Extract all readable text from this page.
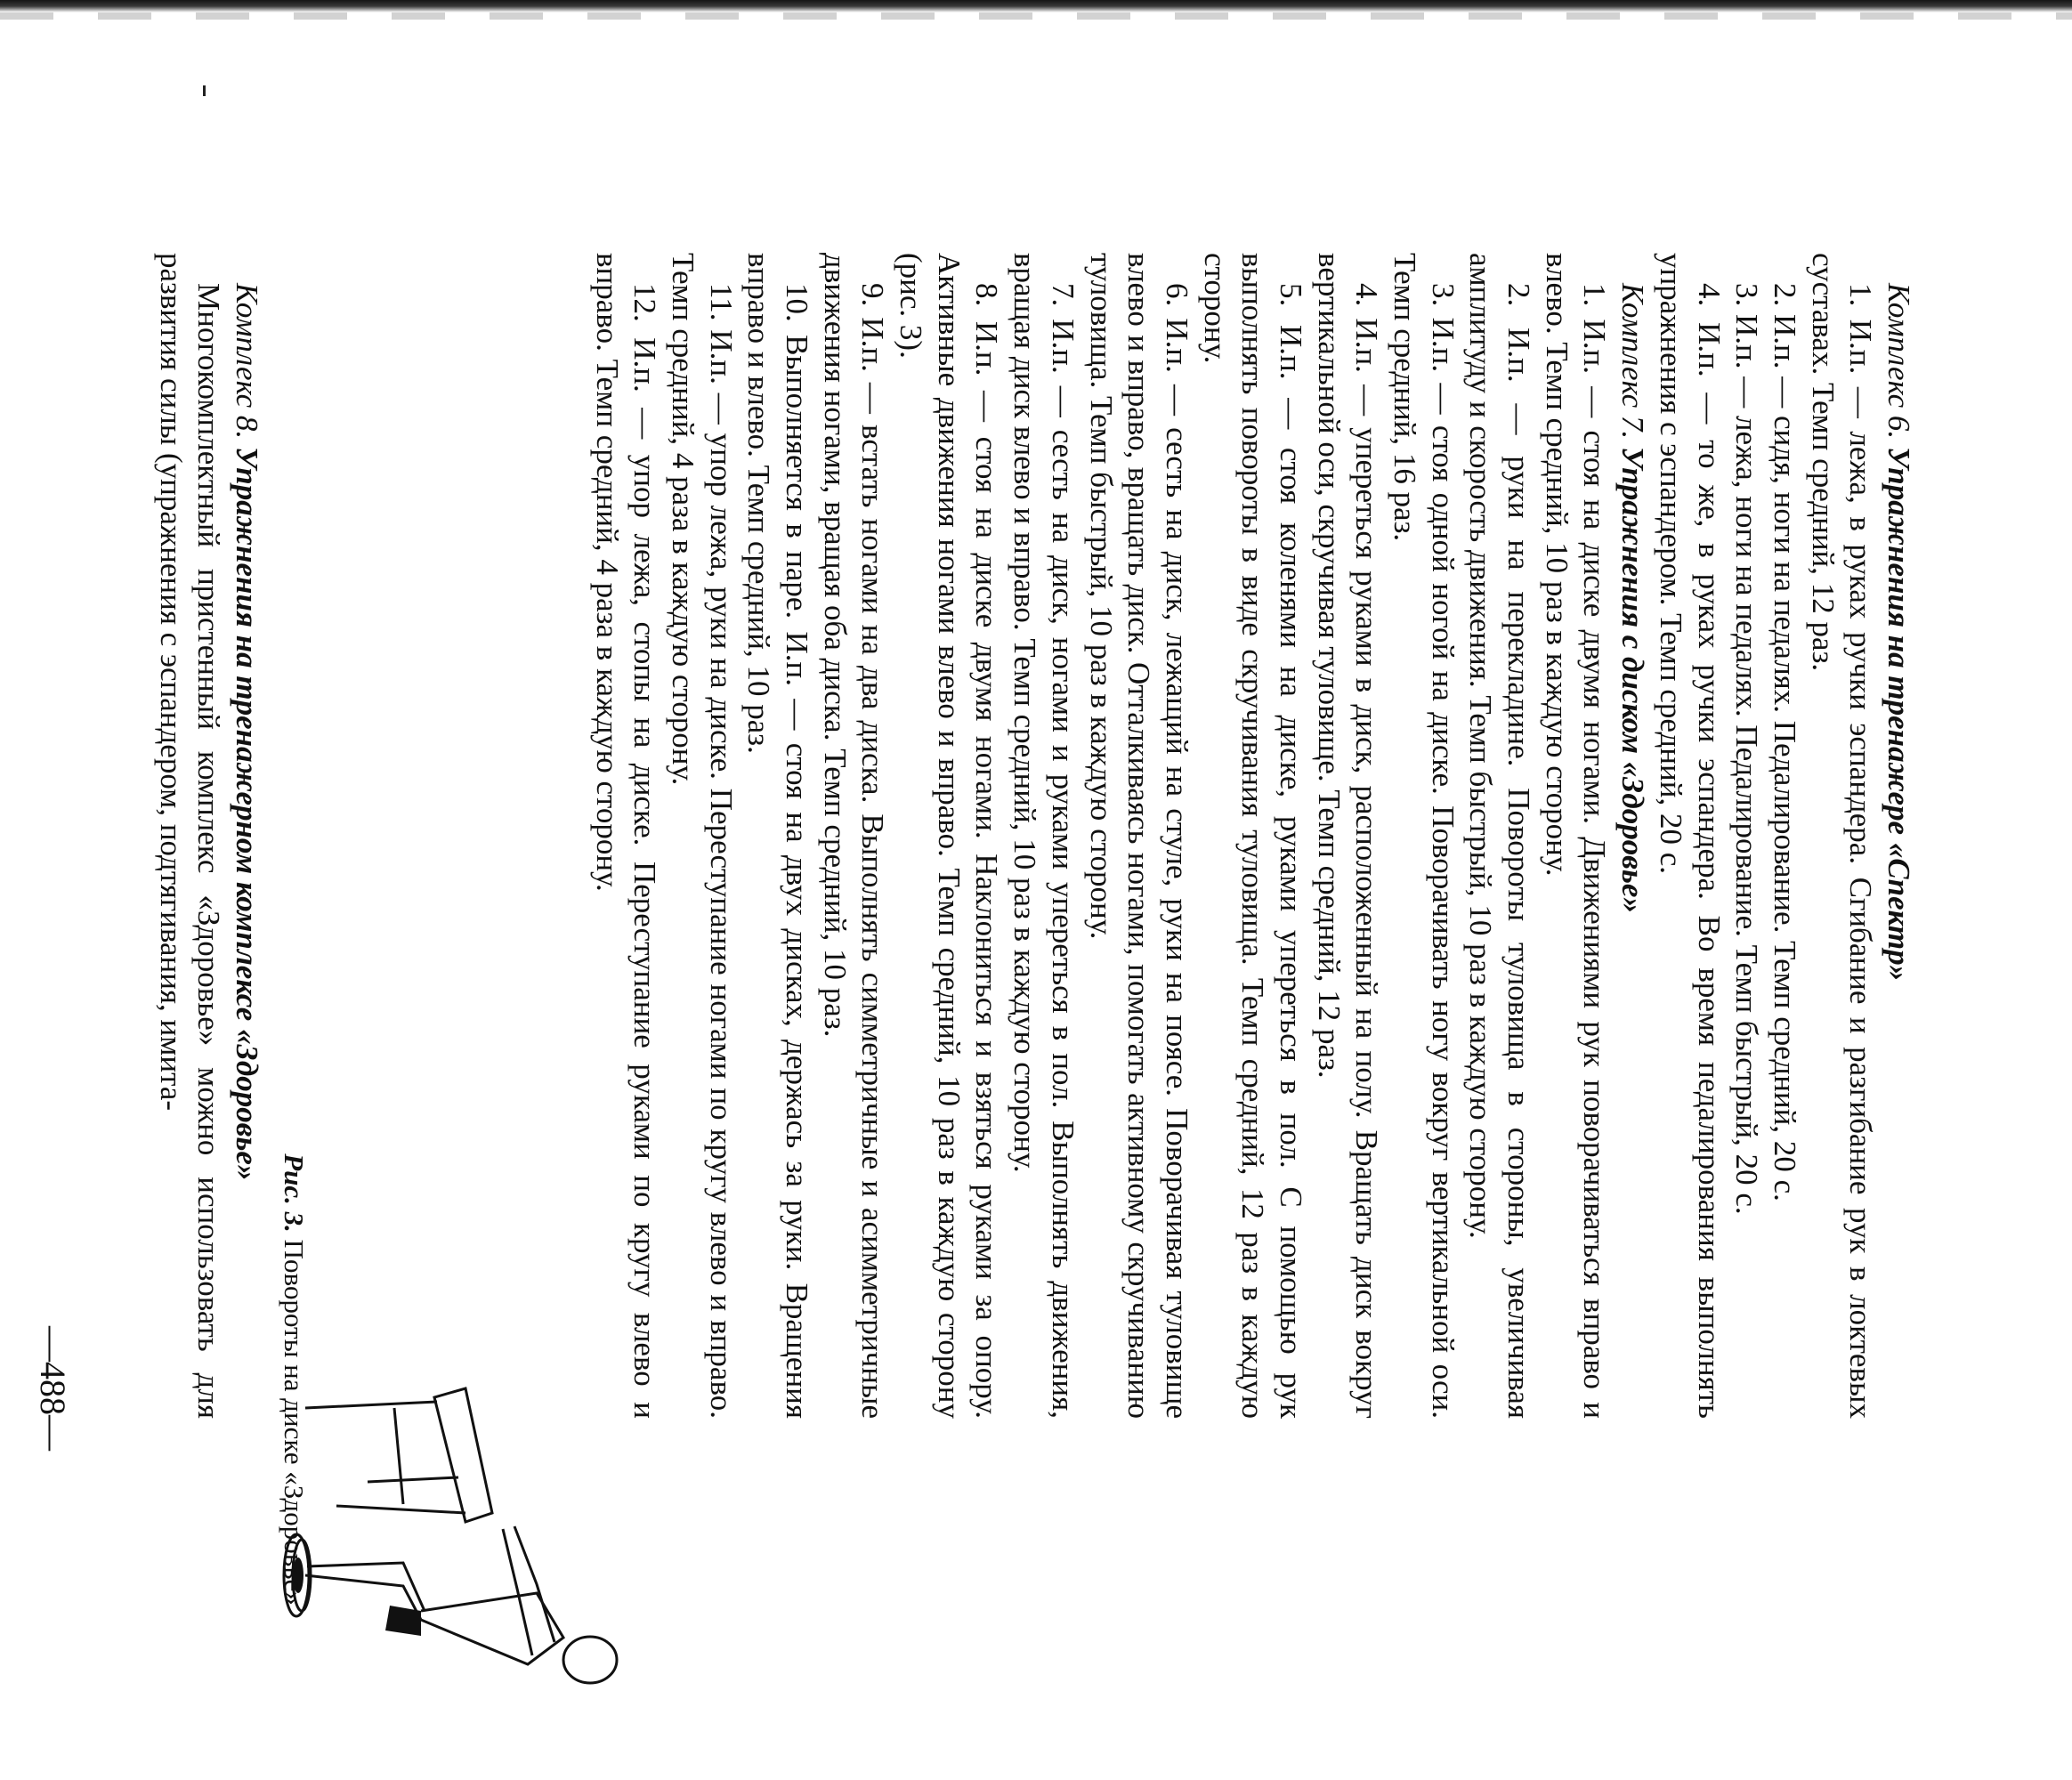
Комплекс 6. Упражнения на тренажере «Спектр»

1. И.п. — лежа, в руках ручки эспандера. Сгибание и разгибание рук в локтевых суставах. Темп средний, 12 раз.

2. И.п. — сидя, ноги на педалях. Педалирование. Темп средний, 20 с.

3. И.п. — лежа, ноги на педалях. Педалирование. Темп быстрый, 20 с.

4. И.п. — то же, в руках ручки эспандера. Во время педалирования выполнять упражнения с эспандером. Темп средний, 20 с.

Комплекс 7. Упражнения с диском «Здоровье»

1. И.п. — стоя на диске двумя ногами. Движениями рук поворачиваться вправо и влево. Темп средний, 10 раз в каждую сторону.

2. И.п. — руки на перекладине. Повороты туловища в стороны, увеличивая амплитуду и скорость движения. Темп быстрый, 10 раз в каждую сторону.

3. И.п. — стоя одной ногой на диске. Поворачивать ногу вокруг вертикальной оси. Темп средний, 16 раз.

4. И.п. — упереться руками в диск, расположенный на полу. Вращать диск вокруг вертикальной оси, скручивая туловище. Темп средний, 12 раз.

5. И.п. — стоя коленями на диске, руками упереться в пол. С помощью рук выполнять повороты в виде скручивания туловища. Темп средний, 12 раз в каждую сторону.

6. И.п. — сесть на диск, лежащий на стуле, руки на поясе. Поворачивая туловище влево и вправо, вращать диск. Отталкиваясь ногами, помогать активному скручиванию туловища. Темп быстрый, 10 раз в каждую сторону.

7. И.п. — сесть на диск, ногами и руками упереться в пол. Выполнять движения, вращая диск влево и вправо. Темп средний, 10 раз в каждую сторону.

8. И.п. — стоя на диске двумя ногами. Наклониться и взяться руками за опору. Активные движения ногами влево и вправо. Темп средний, 10 раз в каждую сторону (рис. 3).

9. И.п. — встать ногами на два диска. Выполнять симметричные и асимметричные движения ногами, вращая оба диска. Темп средний, 10 раз.

10. Выполняется в паре. И.п. — стоя на двух дисках, держась за руки. Вращения вправо и влево. Темп средний, 10 раз.

11. И.п. — упор лежа, руки на диске. Переступание ногами по кругу влево и вправо. Темп средний, 4 раза в каждую сторону.

12. И.п. — упор лежа, стопы на диске. Переступание руками по кругу влево и вправо. Темп средний, 4 раза в каждую сторону.

Рис. 3. Повороты на диске «Здоровье»
Комплекс 8. Упражнения на тренажерном комплексе «Здоровье»

Многокомплектный пристенный комплекс «Здоровье» можно использовать для развития силы (упражнения с эспандером, подтягивания, имита-

—488—
